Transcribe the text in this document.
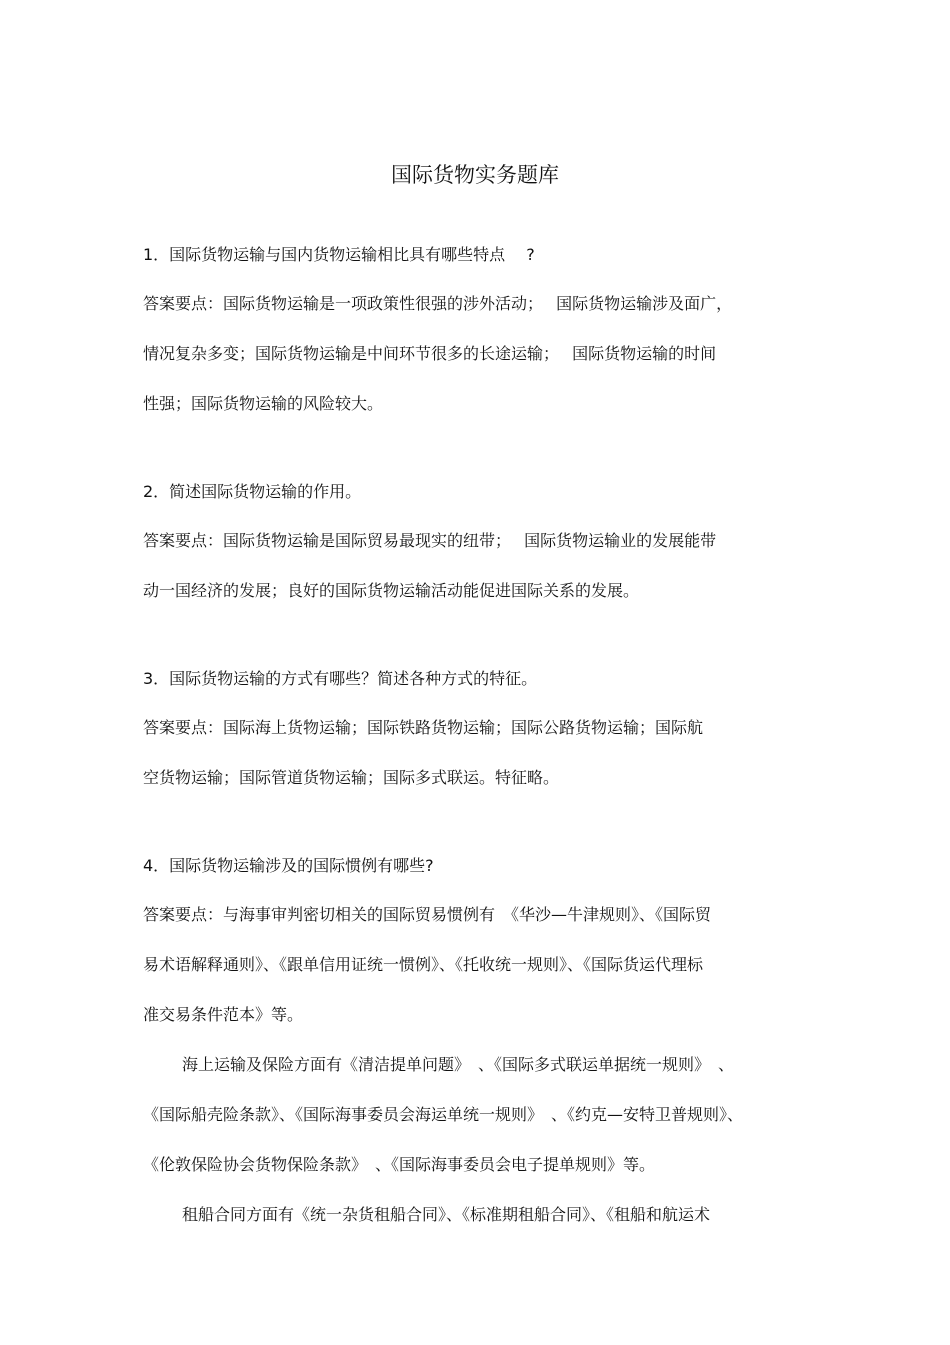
国际货物实务题库
1．国际货物运输与国内货物运输相比具有哪些特点　 ?
答案要点：国际货物运输是一项政策性很强的涉外活动；　 国际货物运输涉及面广，
情况复杂多变；国际货物运输是中间环节很多的长途运输；　 国际货物运输的时间
性强；国际货物运输的风险较大。
2．简述国际货物运输的作用。
答案要点：国际货物运输是国际贸易最现实的纽带；　 国际货物运输业的发展能带
动一国经济的发展；良好的国际货物运输活动能促进国际关系的发展。
3．国际货物运输的方式有哪些？简述各种方式的特征。
答案要点：国际海上货物运输；国际铁路货物运输；国际公路货物运输；国际航
空货物运输；国际管道货物运输；国际多式联运。特征略。
4．国际货物运输涉及的国际惯例有哪些?
答案要点：与海事审判密切相关的国际贸易惯例有　《华沙—牛津规则》、《国际贸
易术语解释通则》、《跟单信用证统一惯例》、《托收统一规则》、《国际货运代理标
准交易条件范本》等。
海上运输及保险方面有《清洁提单问题》　、《国际多式联运单据统一规则》　、
《国际船壳险条款》、《国际海事委员会海运单统一规则》　、《约克—安特卫普规则》、
《伦敦保险协会货物保险条款》　、《国际海事委员会电子提单规则》等。
租船合同方面有《统一杂货租船合同》、《标准期租船合同》、《租船和航运术
